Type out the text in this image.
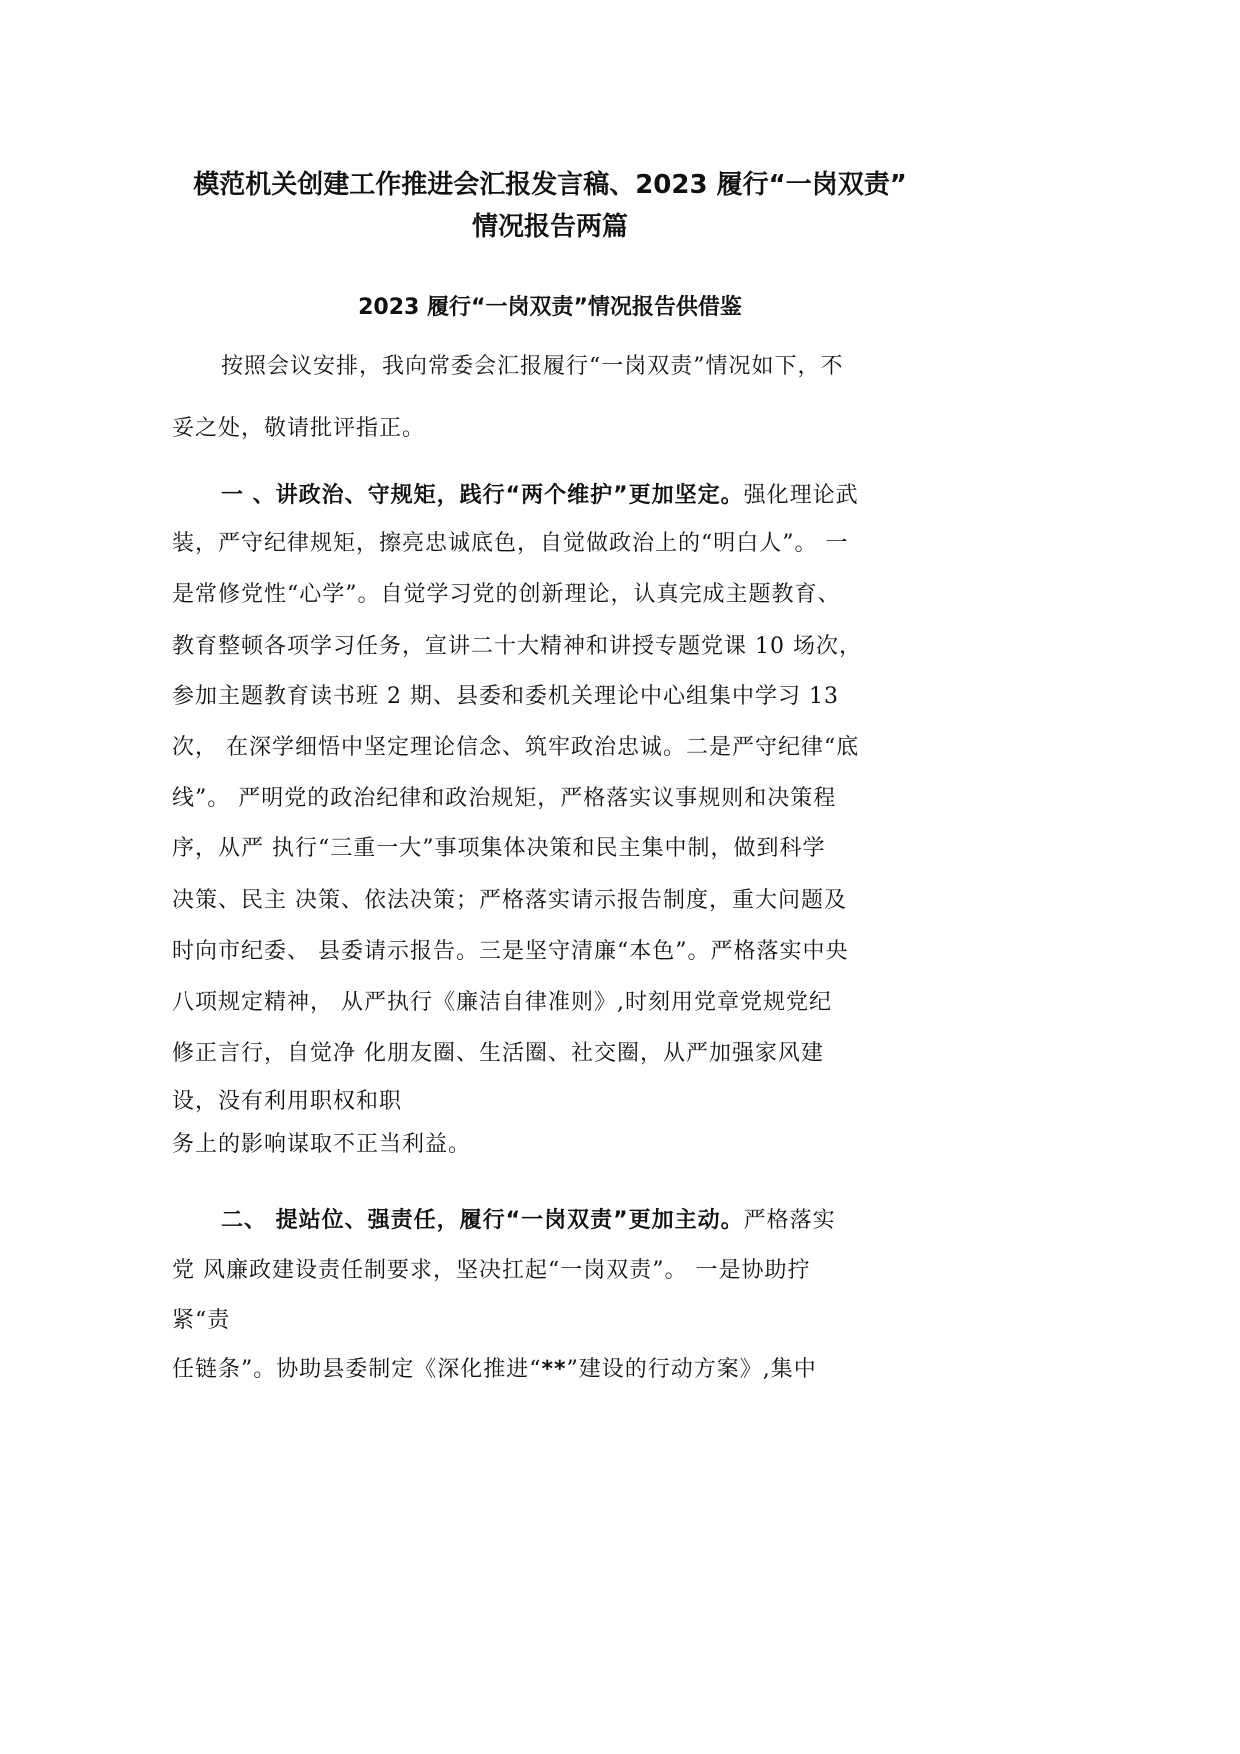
模范机关创建工作推进会汇报发言稿、2023 履行“一岗双责”
情况报告两篇
2023 履行“一岗双责”情况报告供借鉴
按照会议安排，我向常委会汇报履行“一岗双责”情况如下，不
妥之处，敬请批评指正。
一 、讲政治、守规矩，践行“两个维护”更加坚定。强化理论武
装，严守纪律规矩，擦亮忠诚底色，自觉做政治上的“明白人”。 一
是常修党性“心学”。自觉学习党的创新理论，认真完成主题教育、
教育整顿各项学习任务，宣讲二十大精神和讲授专题党课 10 场次，
参加主题教育读书班 2 期、县委和委机关理论中心组集中学习 13
次， 在深学细悟中坚定理论信念、筑牢政治忠诚。二是严守纪律“底
线”。 严明党的政治纪律和政治规矩，严格落实议事规则和决策程
序，从严 执行“三重一大”事项集体决策和民主集中制，做到科学
决策、民主 决策、依法决策；严格落实请示报告制度，重大问题及
时向市纪委、 县委请示报告。三是坚守清廉“本色”。严格落实中央
八项规定精神， 从严执行《廉洁自律准则》,时刻用党章党规党纪
修正言行，自觉净 化朋友圈、生活圈、社交圈，从严加强家风建
设，没有利用职权和职
务上的影响谋取不正当利益。
二、 提站位、强责任，履行“一岗双责”更加主动。严格落实
党 风廉政建设责任制要求，坚决扛起“一岗双责”。 一是协助拧
紧“责
任链条”。协助县委制定《深化推进“**”建设的行动方案》,集中
